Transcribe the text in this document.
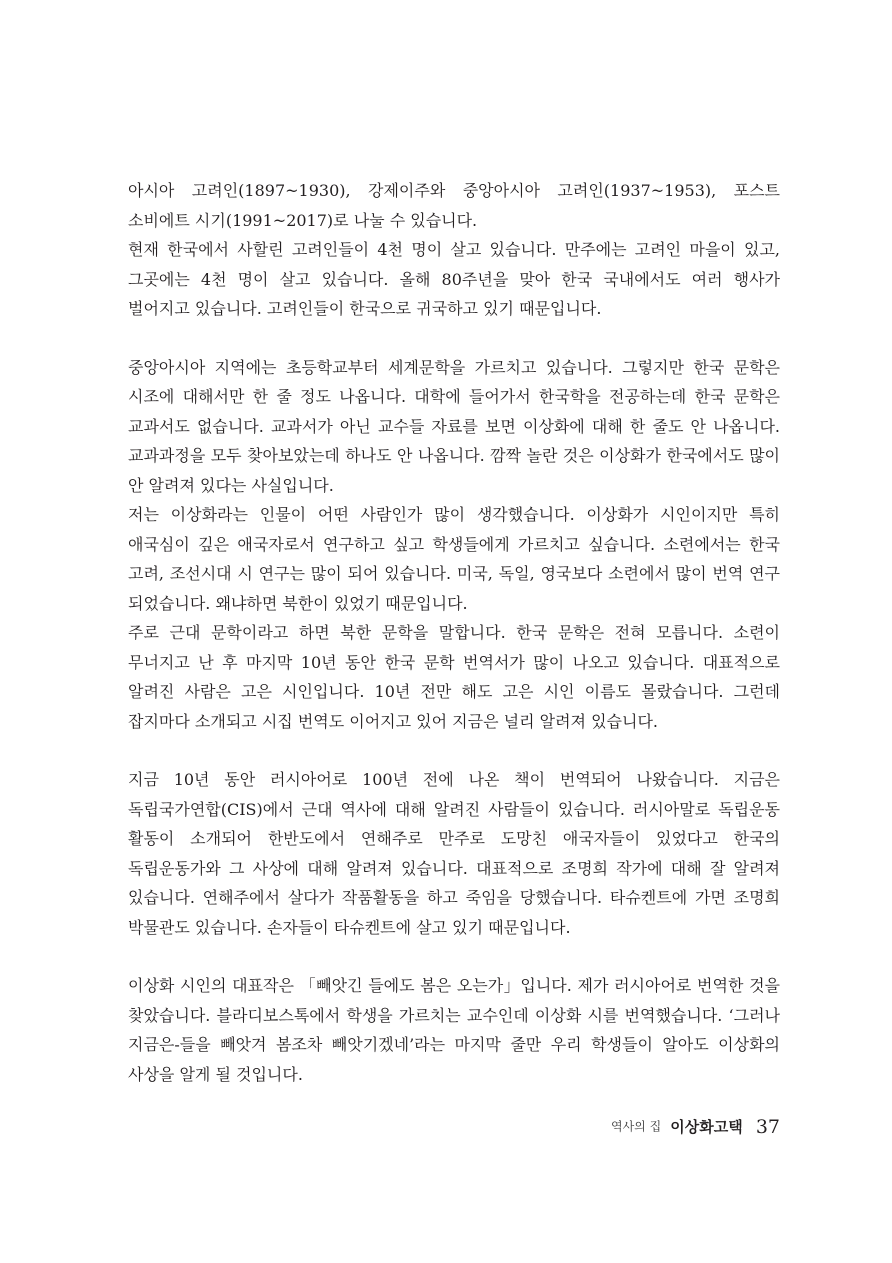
아시아 고려인(1897~1930), 강제이주와 중앙아시아 고려인(1937~1953), 포스트 소비에트 시기(1991~2017)로 나눌 수 있습니다.

현재 한국에서 사할린 고려인들이 4천 명이 살고 있습니다. 만주에는 고려인 마을이 있고, 그곳에는 4천 명이 살고 있습니다. 올해 80주년을 맞아 한국 국내에서도 여러 행사가 벌어지고 있습니다. 고려인들이 한국으로 귀국하고 있기 때문입니다.

중앙아시아 지역에는 초등학교부터 세계문학을 가르치고 있습니다. 그렇지만 한국 문학은 시조에 대해서만 한 줄 정도 나옵니다. 대학에 들어가서 한국학을 전공하는데 한국 문학은 교과서도 없습니다. 교과서가 아닌 교수들 자료를 보면 이상화에 대해 한 줄도 안 나옵니다. 교과과정을 모두 찾아보았는데 하나도 안 나옵니다. 깜짝 놀란 것은 이상화가 한국에서도 많이 안 알려져 있다는 사실입니다.

저는 이상화라는 인물이 어떤 사람인가 많이 생각했습니다. 이상화가 시인이지만 특히 애국심이 깊은 애국자로서 연구하고 싶고 학생들에게 가르치고 싶습니다. 소련에서는 한국 고려, 조선시대 시 연구는 많이 되어 있습니다. 미국, 독일, 영국보다 소련에서 많이 번역 연구 되었습니다. 왜냐하면 북한이 있었기 때문입니다.

주로 근대 문학이라고 하면 북한 문학을 말합니다. 한국 문학은 전혀 모릅니다. 소련이 무너지고 난 후 마지막 10년 동안 한국 문학 번역서가 많이 나오고 있습니다. 대표적으로 알려진 사람은 고은 시인입니다. 10년 전만 해도 고은 시인 이름도 몰랐습니다. 그런데 잡지마다 소개되고 시집 번역도 이어지고 있어 지금은 널리 알려져 있습니다.

지금 10년 동안 러시아어로 100년 전에 나온 책이 번역되어 나왔습니다. 지금은 독립국가연합(CIS)에서 근대 역사에 대해 알려진 사람들이 있습니다. 러시아말로 독립운동 활동이 소개되어 한반도에서 연해주로 만주로 도망친 애국자들이 있었다고 한국의 독립운동가와 그 사상에 대해 알려져 있습니다. 대표적으로 조명희 작가에 대해 잘 알려져 있습니다. 연해주에서 살다가 작품활동을 하고 죽임을 당했습니다. 타슈켄트에 가면 조명희 박물관도 있습니다. 손자들이 타슈켄트에 살고 있기 때문입니다.

이상화 시인의 대표작은 「빼앗긴 들에도 봄은 오는가」입니다. 제가 러시아어로 번역한 것을 찾았습니다. 블라디보스톡에서 학생을 가르치는 교수인데 이상화 시를 번역했습니다. ‘그러나 지금은-들을 빼앗겨 봄조차 빼앗기겠네’라는 마지막 줄만 우리 학생들이 알아도 이상화의 사상을 알게 될 것입니다.

역사의 집 이상화고택 37
